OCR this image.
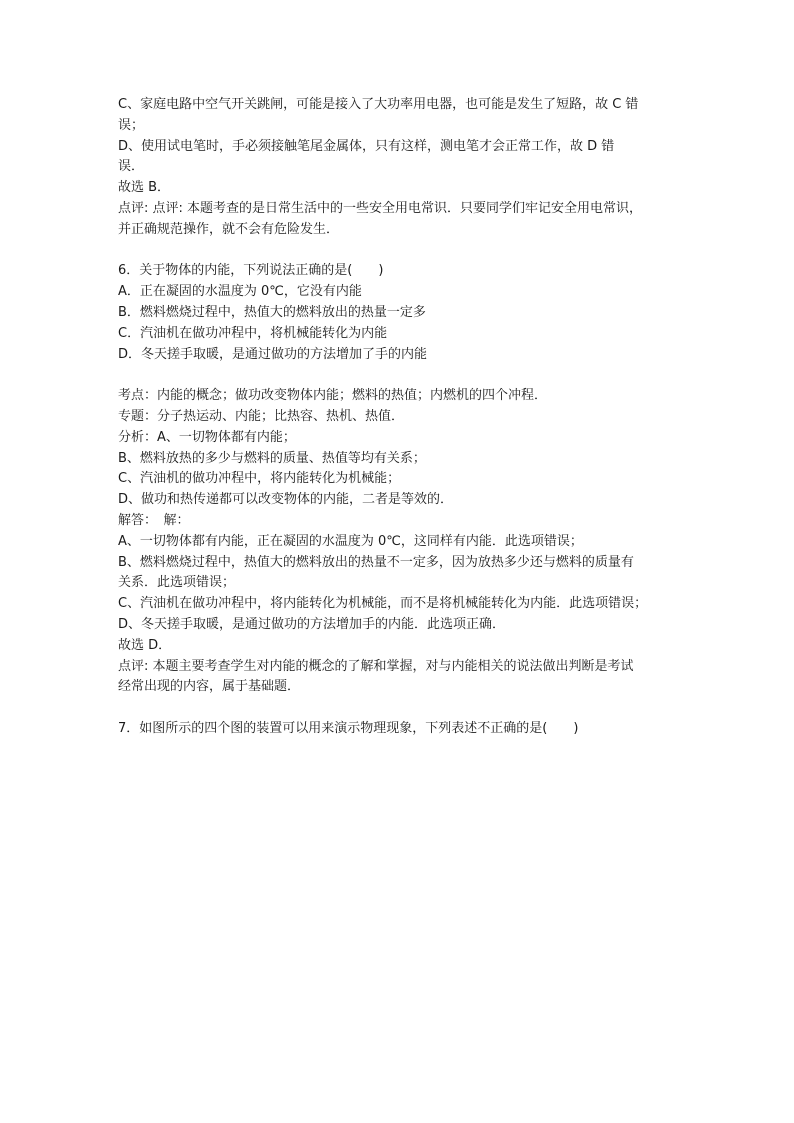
C、家庭电路中空气开关跳闸，可能是接入了大功率用电器，也可能是发生了短路，故 C 错
误；
D、使用试电笔时，手必须接触笔尾金属体，只有这样，测电笔才会正常工作，故 D 错
误．
故选 B．
点评: 点评: 本题考查的是日常生活中的一些安全用电常识．只要同学们牢记安全用电常识，
并正确规范操作，就不会有危险发生．
6．关于物体的内能，下列说法正确的是(　　)
A．正在凝固的水温度为 0℃，它没有内能
B．燃料燃烧过程中，热值大的燃料放出的热量一定多
C．汽油机在做功冲程中，将机械能转化为内能
D．冬天搓手取暖，是通过做功的方法增加了手的内能
考点：内能的概念；做功改变物体内能；燃料的热值；内燃机的四个冲程．
专题：分子热运动、内能；比热容、热机、热值．
分析：A、一切物体都有内能；
B、燃料放热的多少与燃料的质量、热值等均有关系；
C、汽油机的做功冲程中，将内能转化为机械能；
D、做功和热传递都可以改变物体的内能，二者是等效的．
解答：　解：
A、一切物体都有内能，正在凝固的水温度为 0℃，这同样有内能．此选项错误；
B、燃料燃烧过程中，热值大的燃料放出的热量不一定多，因为放热多少还与燃料的质量有
关系．此选项错误；
C、汽油机在做功冲程中，将内能转化为机械能，而不是将机械能转化为内能．此选项错误；
D、冬天搓手取暖，是通过做功的方法增加手的内能．此选项正确．
故选 D．
点评: 本题主要考查学生对内能的概念的了解和掌握，对与内能相关的说法做出判断是考试
经常出现的内容，属于基础题．
7．如图所示的四个图的装置可以用来演示物理现象，下列表述不正确的是(　　)
